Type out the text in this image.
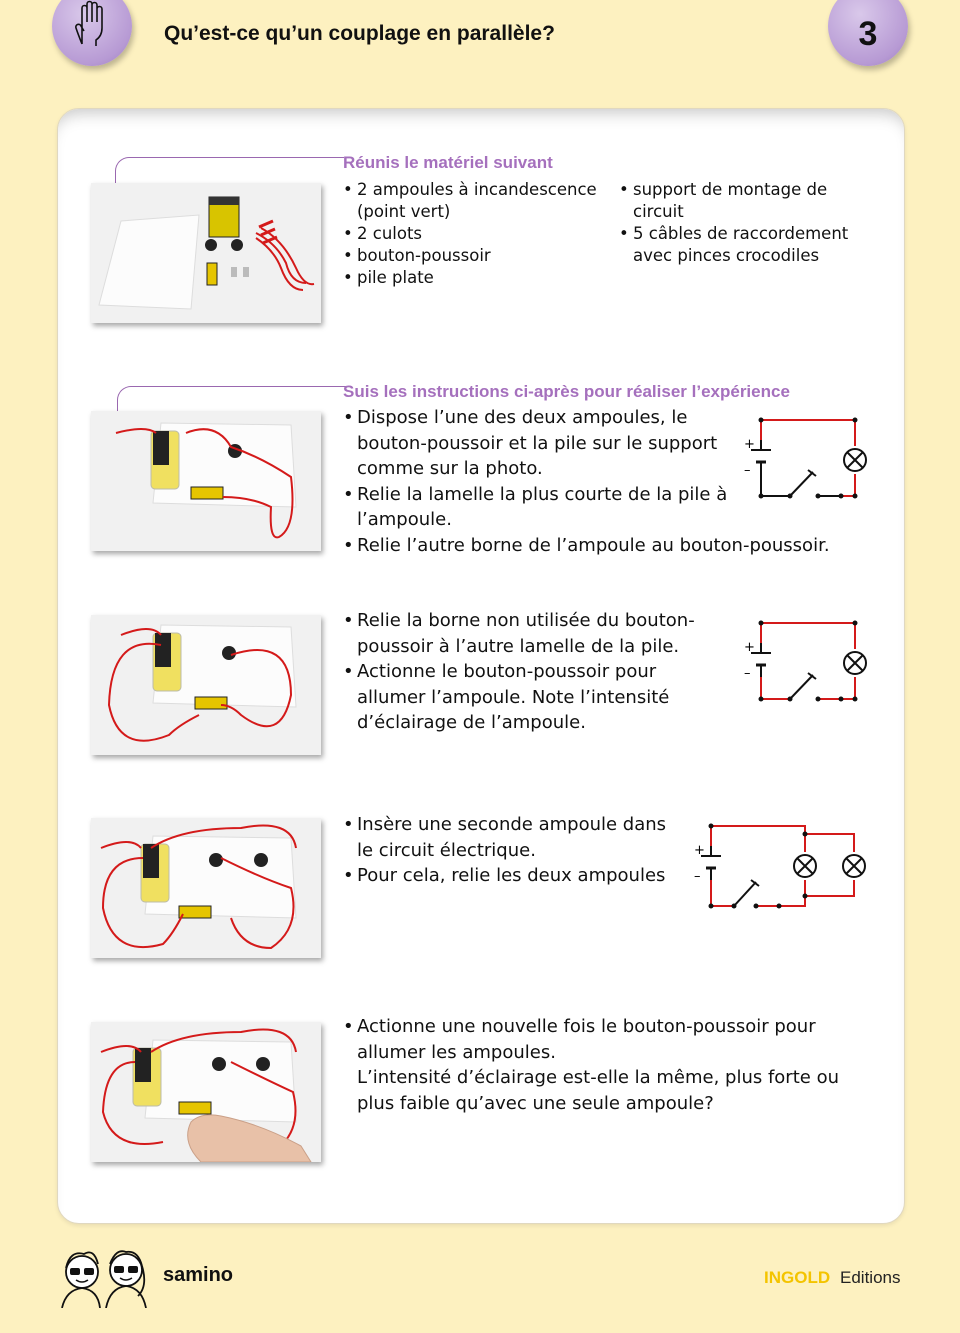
Qu’est-ce qu’un couplage en parallèle?	3
Réunis le matériel suivant
• 2 ampoules à incandescence (point vert)
• 2 culots
• bouton-poussoir
• pile plate
• support de montage de circuit
• 5 câbles de raccordement avec pinces crocodiles
Suis les instructions ci-après pour réaliser l’expérience
• Dispose l’une des deux ampoules, le bouton-poussoir et la pile sur le support comme sur la photo.
• Relie la lamelle la plus courte de la pile à l’ampoule.
• Relie l’autre borne de l’ampoule au bouton-poussoir.
+
–
• Relie la borne non utilisée du bouton-poussoir à l’autre lamelle de la pile.
• Actionne le bouton-poussoir pour allumer l’ampoule. Note l’intensité d’éclairage de l’ampoule.
+
–
• Insère une seconde ampoule dans le circuit électrique.
• Pour cela, relie les deux ampoules
+
–
• Actionne une nouvelle fois le bouton-poussoir pour allumer les ampoules.
L’intensité d’éclairage est-elle la même, plus forte ou plus faible qu’avec une seule ampoule?
samino	INGOLD Editions
